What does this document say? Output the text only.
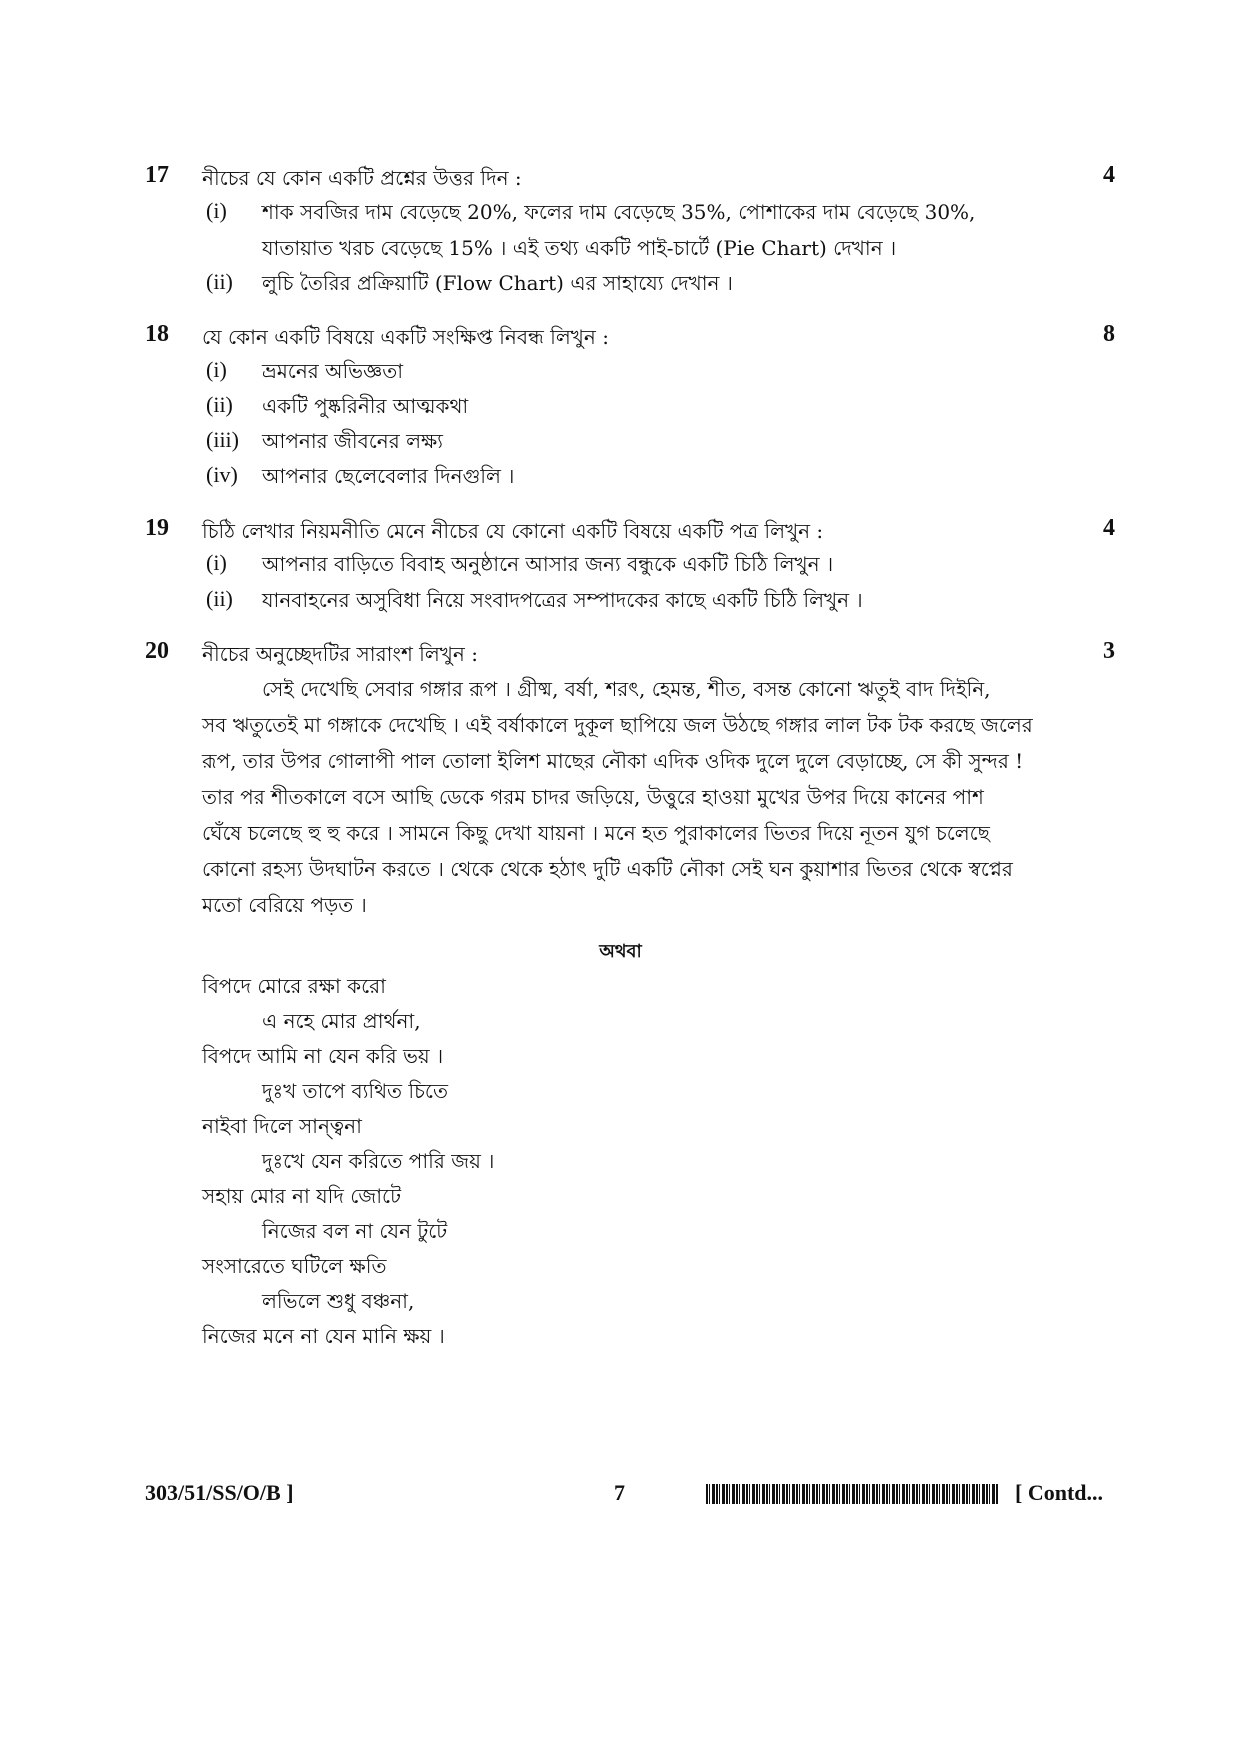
17 নীচের যে কোন একটি প্রশ্নের উত্তর দিন :	4
(i) শাক সবজির দাম বেড়েছে 20%, ফলের দাম বেড়েছে 35%, পোশাকের দাম বেড়েছে 30%,
যাতায়াত খরচ বেড়েছে 15% । এই তথ্য একটি পাই-চার্টে (Pie Chart) দেখান ।
(ii) লুচি তৈরির প্রক্রিয়াটি (Flow Chart) এর সাহায্যে দেখান ।
18 যে কোন একটি বিষয়ে একটি সংক্ষিপ্ত নিবন্ধ লিখুন :	8
(i) ভ্রমনের অভিজ্ঞতা
(ii) একটি পুষ্করিনীর আত্মকথা
(iii) আপনার জীবনের লক্ষ্য
(iv) আপনার ছেলেবেলার দিনগুলি ।
19 চিঠি লেখার নিয়মনীতি মেনে নীচের যে কোনো একটি বিষয়ে একটি পত্র লিখুন :	4
(i) আপনার বাড়িতে বিবাহ অনুষ্ঠানে আসার জন্য বন্ধুকে একটি চিঠি লিখুন ।
(ii) যানবাহনের অসুবিধা নিয়ে সংবাদপত্রের সম্পাদকের কাছে একটি চিঠি লিখুন ।
20 নীচের অনুচ্ছেদটির সারাংশ লিখুন :	3
সেই দেখেছি সেবার গঙ্গার রূপ । গ্রীষ্ম, বর্ষা, শরৎ, হেমন্ত, শীত, বসন্ত কোনো ঋতুই বাদ দিইনি,
সব ঋতুতেই মা গঙ্গাকে দেখেছি । এই বর্ষাকালে দুকূল ছাপিয়ে জল উঠছে গঙ্গার লাল টক টক করছে জলের
রূপ, তার উপর গোলাপী পাল তোলা ইলিশ মাছের নৌকা এদিক ওদিক দুলে দুলে বেড়াচ্ছে, সে কী সুন্দর !
তার পর শীতকালে বসে আছি ডেকে গরম চাদর জড়িয়ে, উত্তুরে হাওয়া মুখের উপর দিয়ে কানের পাশ
ঘেঁষে চলেছে হু হু করে । সামনে কিছু দেখা যায়না । মনে হত পুরাকালের ভিতর দিয়ে নূতন যুগ চলেছে
কোনো রহস্য উদঘাটন করতে । থেকে থেকে হঠাৎ দুটি একটি নৌকা সেই ঘন কুয়াশার ভিতর থেকে স্বপ্নের
মতো বেরিয়ে পড়ত ।
অথবা
বিপদে মোরে রক্ষা করো
এ নহে মোর প্রার্থনা,
বিপদে আমি না যেন করি ভয় ।
দুঃখ তাপে ব্যথিত চিতে
নাইবা দিলে সান্ত্বনা
দুঃখে যেন করিতে পারি জয় ।
সহায় মোর না যদি জোটে
নিজের বল না যেন টুটে
সংসারেতে ঘটিলে ক্ষতি
লভিলে শুধু বঞ্চনা,
নিজের মনে না যেন মানি ক্ষয় ।
303/51/SS/O/B ]	7	[ Contd...
